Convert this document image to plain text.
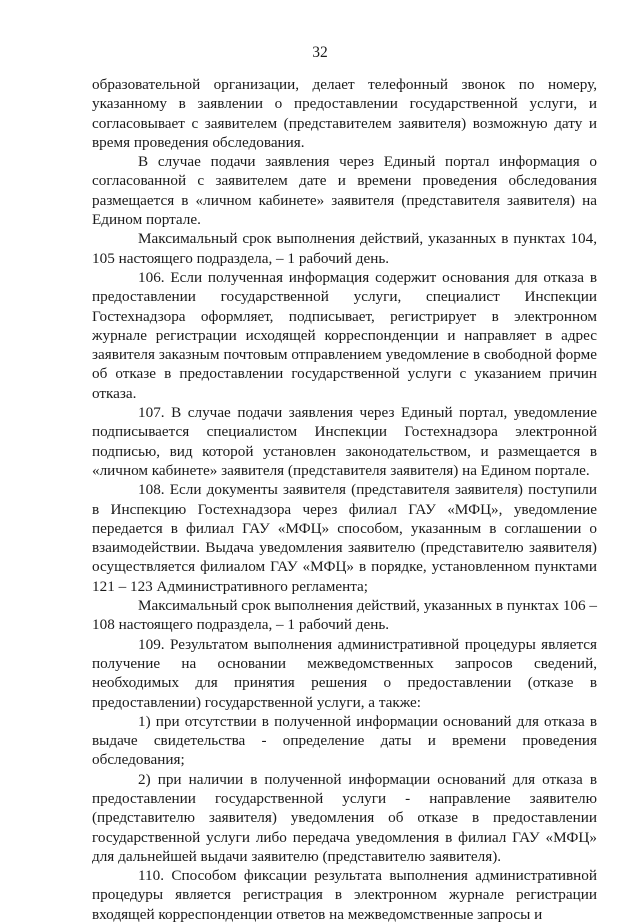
32

образовательной организации, делает телефонный звонок по номеру, указанному в заявлении о предоставлении государственной услуги, и согласовывает с заявителем (представителем заявителя) возможную дату и время проведения обследования.

В случае подачи заявления через Единый портал информация о согласованной с заявителем дате и времени проведения обследования размещается в «личном кабинете» заявителя (представителя заявителя) на Едином портале.

Максимальный срок выполнения действий, указанных в пунктах 104, 105 настоящего подраздела, – 1 рабочий день.

106. Если полученная информация содержит основания для отказа в предоставлении государственной услуги, специалист Инспекции Гостехнадзора оформляет, подписывает, регистрирует в электронном журнале регистрации исходящей корреспонденции и направляет в адрес заявителя заказным почтовым отправлением уведомление в свободной форме об отказе в предоставлении государственной услуги с указанием причин отказа.

107. В случае подачи заявления через Единый портал, уведомление подписывается специалистом Инспекции Гостехнадзора электронной подписью, вид которой установлен законодательством, и размещается в «личном кабинете» заявителя (представителя заявителя) на Едином портале.

108. Если документы заявителя (представителя заявителя) поступили в Инспекцию Гостехнадзора через филиал ГАУ «МФЦ», уведомление передается в филиал ГАУ «МФЦ» способом, указанным в соглашении о взаимодействии. Выдача уведомления заявителю (представителю заявителя) осуществляется филиалом ГАУ «МФЦ» в порядке, установленном пунктами 121 – 123 Административного регламента;

Максимальный срок выполнения действий, указанных в пунктах 106 – 108 настоящего подраздела, – 1 рабочий день.

109. Результатом выполнения административной процедуры является получение на основании межведомственных запросов сведений, необходимых для принятия решения о предоставлении (отказе в предоставлении) государственной услуги, а также:

1) при отсутствии в полученной информации оснований для отказа в выдаче свидетельства - определение даты и времени проведения обследования;

2) при наличии в полученной информации оснований для отказа в предоставлении государственной услуги - направление заявителю (представителю заявителя) уведомления об отказе в предоставлении государственной услуги либо передача уведомления в филиал ГАУ «МФЦ» для дальнейшей выдачи заявителю (представителю заявителя).

110. Способом фиксации результата выполнения административной процедуры является регистрация в электронном журнале регистрации входящей корреспонденции ответов на межведомственные запросы и
